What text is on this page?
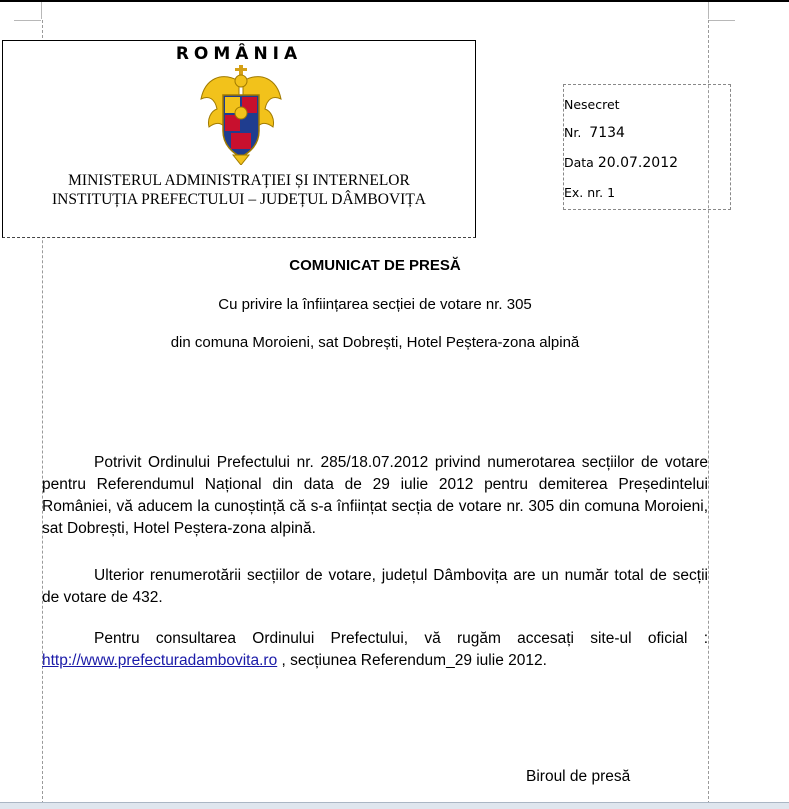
ROMÂNIA
MINISTERUL ADMINISTRAȚIEI ȘI INTERNELOR
INSTITUȚIA PREFECTULUI – JUDEȚUL DÂMBOVIȚA
Nesecret
Nr. 7134
Data 20.07.2012
Ex. nr. 1
COMUNICAT DE PRESĂ
Cu privire la înființarea secției de votare nr. 305
din comuna Moroieni, sat Dobrești, Hotel Peștera-zona alpină
Potrivit Ordinului Prefectului nr. 285/18.07.2012 privind numerotarea secțiilor de votare pentru Referendumul Național din data de 29 iulie 2012 pentru demiterea Președintelui României, vă aducem la cunoștință că s-a înființat secția de votare nr. 305 din comuna Moroieni, sat Dobrești, Hotel Peștera-zona alpină.
Ulterior renumerotării secțiilor de votare, județul Dâmbovița are un număr total de secții de votare de 432.
Pentru consultarea Ordinului Prefectului, vă rugăm accesați site-ul oficial : http://www.prefecturadambovita.ro , secțiunea Referendum_29 iulie 2012.
Biroul de presă
